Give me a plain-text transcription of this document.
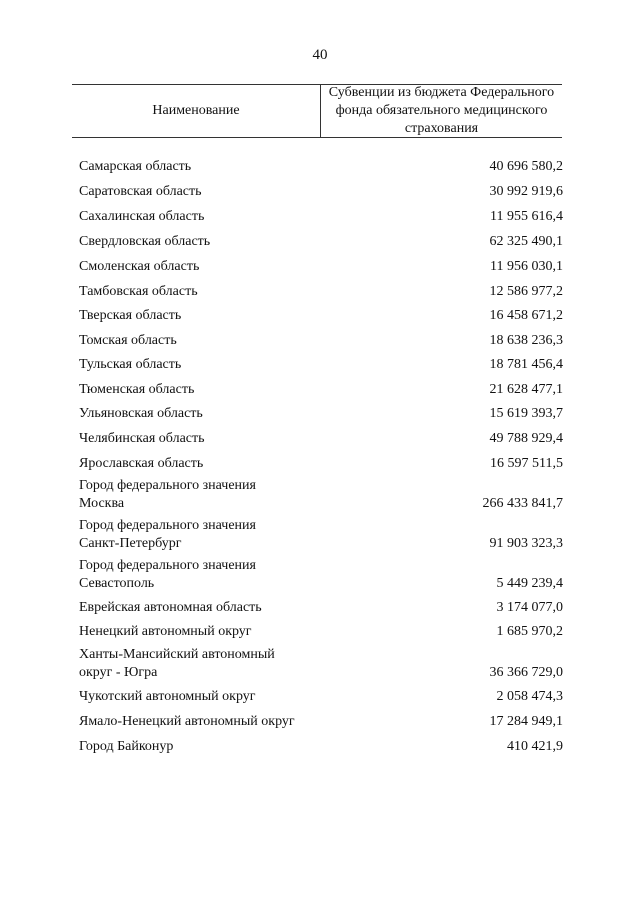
40
Наименование
Субвенции из бюджета Федерального фонда обязательного медицинского страхования
Самарская область	40 696 580,2
Саратовская область	30 992 919,6
Сахалинская область	11 955 616,4
Свердловская область	62 325 490,1
Смоленская область	11 956 030,1
Тамбовская область	12 586 977,2
Тверская область	16 458 671,2
Томская область	18 638 236,3
Тульская область	18 781 456,4
Тюменская область	21 628 477,1
Ульяновская область	15 619 393,7
Челябинская область	49 788 929,4
Ярославская область	16 597 511,5
Город федерального значения
Москва	266 433 841,7
Город федерального значения
Санкт-Петербург	91 903 323,3
Город федерального значения
Севастополь	5 449 239,4
Еврейская автономная область	3 174 077,0
Ненецкий автономный округ	1 685 970,2
Ханты-Мансийский автономный
округ - Югра	36 366 729,0
Чукотский автономный округ	2 058 474,3
Ямало-Ненецкий автономный округ	17 284 949,1
Город Байконур	410 421,9
